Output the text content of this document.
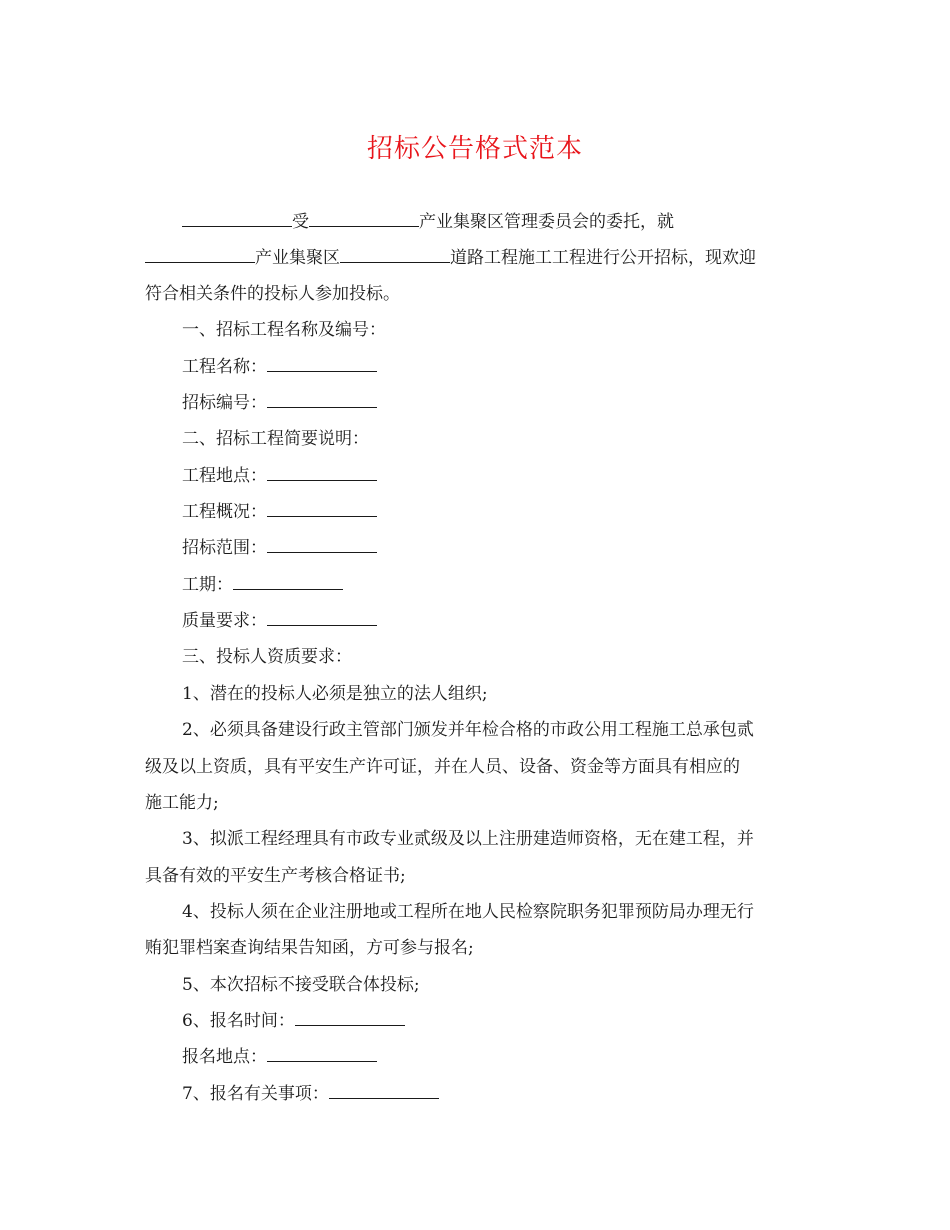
招标公告格式范本
受	产业集聚区管理委员会的委托，就
产业集聚区	道路工程施工工程进行公开招标，现欢迎
符合相关条件的投标人参加投标。
一、招标工程名称及编号：
工程名称：
招标编号：
二、招标工程简要说明：
工程地点：
工程概况：
招标范围：
工期：
质量要求：
三、投标人资质要求：
1、潜在的投标人必须是独立的法人组织;
2、必须具备建设行政主管部门颁发并年检合格的市政公用工程施工总承包贰
级及以上资质，具有平安生产许可证，并在人员、设备、资金等方面具有相应的
施工能力;
3、拟派工程经理具有市政专业贰级及以上注册建造师资格，无在建工程，并
具备有效的平安生产考核合格证书;
4、投标人须在企业注册地或工程所在地人民检察院职务犯罪预防局办理无行
贿犯罪档案查询结果告知函，方可参与报名;
5、本次招标不接受联合体投标;
6、报名时间：
报名地点：
7、报名有关事项：
